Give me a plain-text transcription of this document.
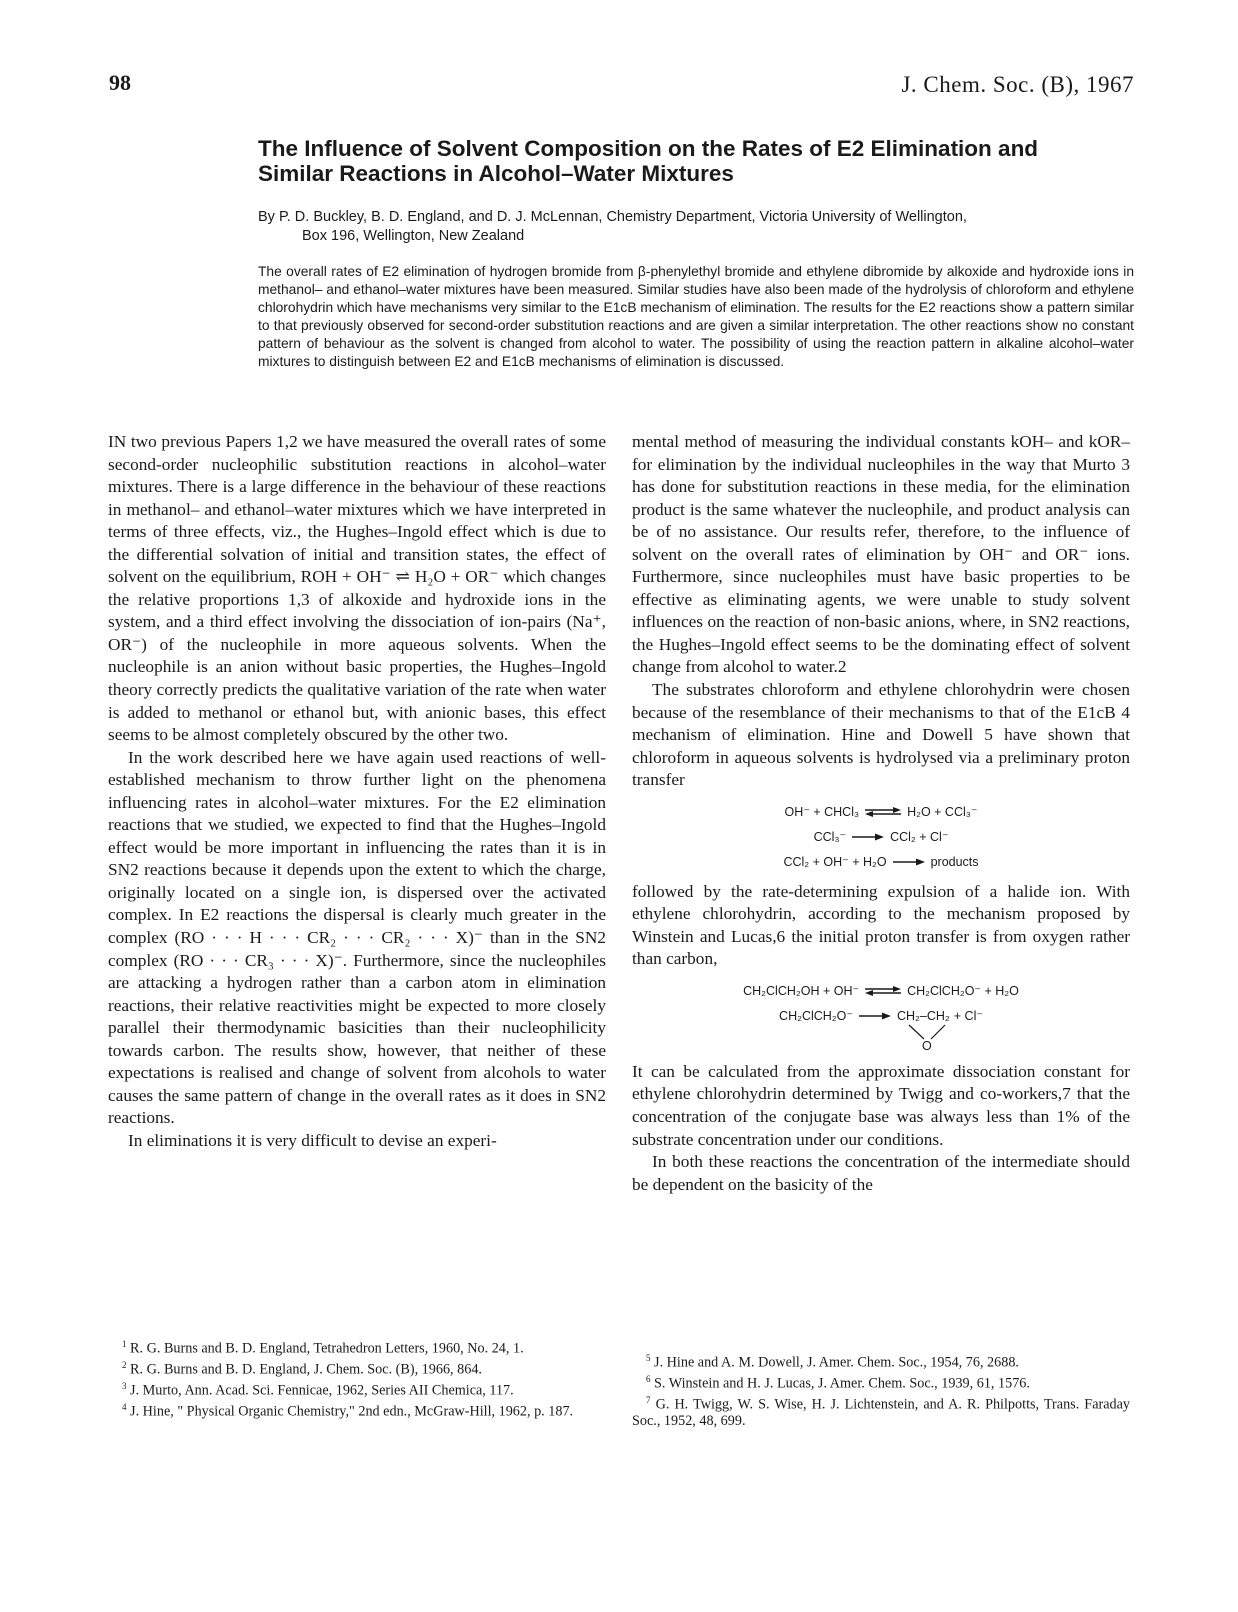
98	J. Chem. Soc. (B), 1967
The Influence of Solvent Composition on the Rates of E2 Elimination and
Similar Reactions in Alcohol–Water Mixtures
By P. D. Buckley, B. D. England, and D. J. McLennan, Chemistry Department, Victoria University of Wellington,
Box 196, Wellington, New Zealand
The overall rates of E2 elimination of hydrogen bromide from β-phenylethyl bromide and ethylene dibromide by alkoxide and hydroxide ions in methanol– and ethanol–water mixtures have been measured. Similar studies have also been made of the hydrolysis of chloroform and ethylene chlorohydrin which have mechanisms very similar to the E1cB mechanism of elimination. The results for the E2 reactions show a pattern similar to that previously observed for second-order substitution reactions and are given a similar interpretation. The other reactions show no constant pattern of behaviour as the solvent is changed from alcohol to water. The possibility of using the reaction pattern in alkaline alcohol–water mixtures to distinguish between E2 and E1cB mechanisms of elimination is discussed.

IN two previous Papers 1,2 we have measured the overall rates of some second-order nucleophilic substitution reactions in alcohol–water mixtures. There is a large difference in the behaviour of these reactions in methanol– and ethanol–water mixtures which we have interpreted in terms of three effects, viz., the Hughes–Ingold effect which is due to the differential solvation of initial and transition states, the effect of solvent on the equilibrium, ROH + OH⁻ ⇌ H₂O + OR⁻ which changes the relative proportions 1,3 of alkoxide and hydroxide ions in the system, and a third effect involving the dissociation of ion-pairs (Na⁺, OR⁻) of the nucleophile in more aqueous solvents. When the nucleophile is an anion without basic properties, the Hughes–Ingold theory correctly predicts the qualitative variation of the rate when water is added to methanol or ethanol but, with anionic bases, this effect seems to be almost completely obscured by the other two.

In the work described here we have again used reactions of well-established mechanism to throw further light on the phenomena influencing rates in alcohol–water mixtures. For the E2 elimination reactions that we studied, we expected to find that the Hughes–Ingold effect would be more important in influencing the rates than it is in SN2 reactions because it depends upon the extent to which the charge, originally located on a single ion, is dispersed over the activated complex. In E2 reactions the dispersal is clearly much greater in the complex (RO · · · H · · · CR₂ · · · CR₂ · · · X)⁻ than in the SN2 complex (RO · · · CR₃ · · · X)⁻. Furthermore, since the nucleophiles are attacking a hydrogen rather than a carbon atom in elimination reactions, their relative reactivities might be expected to more closely parallel their thermodynamic basicities than their nucleophilicity towards carbon. The results show, however, that neither of these expectations is realised and change of solvent from alcohols to water causes the same pattern of change in the overall rates as it does in SN2 reactions.

In eliminations it is very difficult to devise an experi-

mental method of measuring the individual constants kOH– and kOR– for elimination by the individual nucleophiles in the way that Murto 3 has done for substitution reactions in these media, for the elimination product is the same whatever the nucleophile, and product analysis can be of no assistance. Our results refer, therefore, to the influence of solvent on the overall rates of elimination by OH⁻ and OR⁻ ions. Furthermore, since nucleophiles must have basic properties to be effective as eliminating agents, we were unable to study solvent influences on the reaction of non-basic anions, where, in SN2 reactions, the Hughes–Ingold effect seems to be the dominating effect of solvent change from alcohol to water.2

The substrates chloroform and ethylene chlorohydrin were chosen because of the resemblance of their mechanisms to that of the E1cB 4 mechanism of elimination. Hine and Dowell 5 have shown that chloroform in aqueous solvents is hydrolysed via a preliminary proton transfer

OH⁻ + CHCl₃ ⇌ H₂O + CCl₃⁻
CCl₃⁻ → CCl₂ + Cl⁻
CCl₂ + OH⁻ + H₂O → products

followed by the rate-determining expulsion of a halide ion. With ethylene chlorohydrin, according to the mechanism proposed by Winstein and Lucas,6 the initial proton transfer is from oxygen rather than carbon,

CH₂ClCH₂OH + OH⁻ ⇌ CH₂ClCH₂O⁻ + H₂O
CH₂ClCH₂O⁻ → CH₂–CH₂
O
+ Cl⁻

It can be calculated from the approximate dissociation constant for ethylene chlorohydrin determined by Twigg and co-workers,7 that the concentration of the conjugate base was always less than 1% of the substrate concentration under our conditions.

In both these reactions the concentration of the intermediate should be dependent on the basicity of the

$^1$ R. G. Burns and B. D. England, Tetrahedron Letters, 1960, No. 24, 1.

$^2$ R. G. Burns and B. D. England, J. Chem. Soc. (B), 1966, 864.

$^3$ J. Murto, Ann. Acad. Sci. Fennicae, 1962, Series AII Chemica, 117.

$^4$ J. Hine, " Physical Organic Chemistry," 2nd edn., McGraw-Hill, 1962, p. 187.

$^5$ J. Hine and A. M. Dowell, J. Amer. Chem. Soc., 1954, 76, 2688.

$^6$ S. Winstein and H. J. Lucas, J. Amer. Chem. Soc., 1939, 61, 1576.

$^7$ G. H. Twigg, W. S. Wise, H. J. Lichtenstein, and A. R. Philpotts, Trans. Faraday Soc., 1952, 48, 699.
